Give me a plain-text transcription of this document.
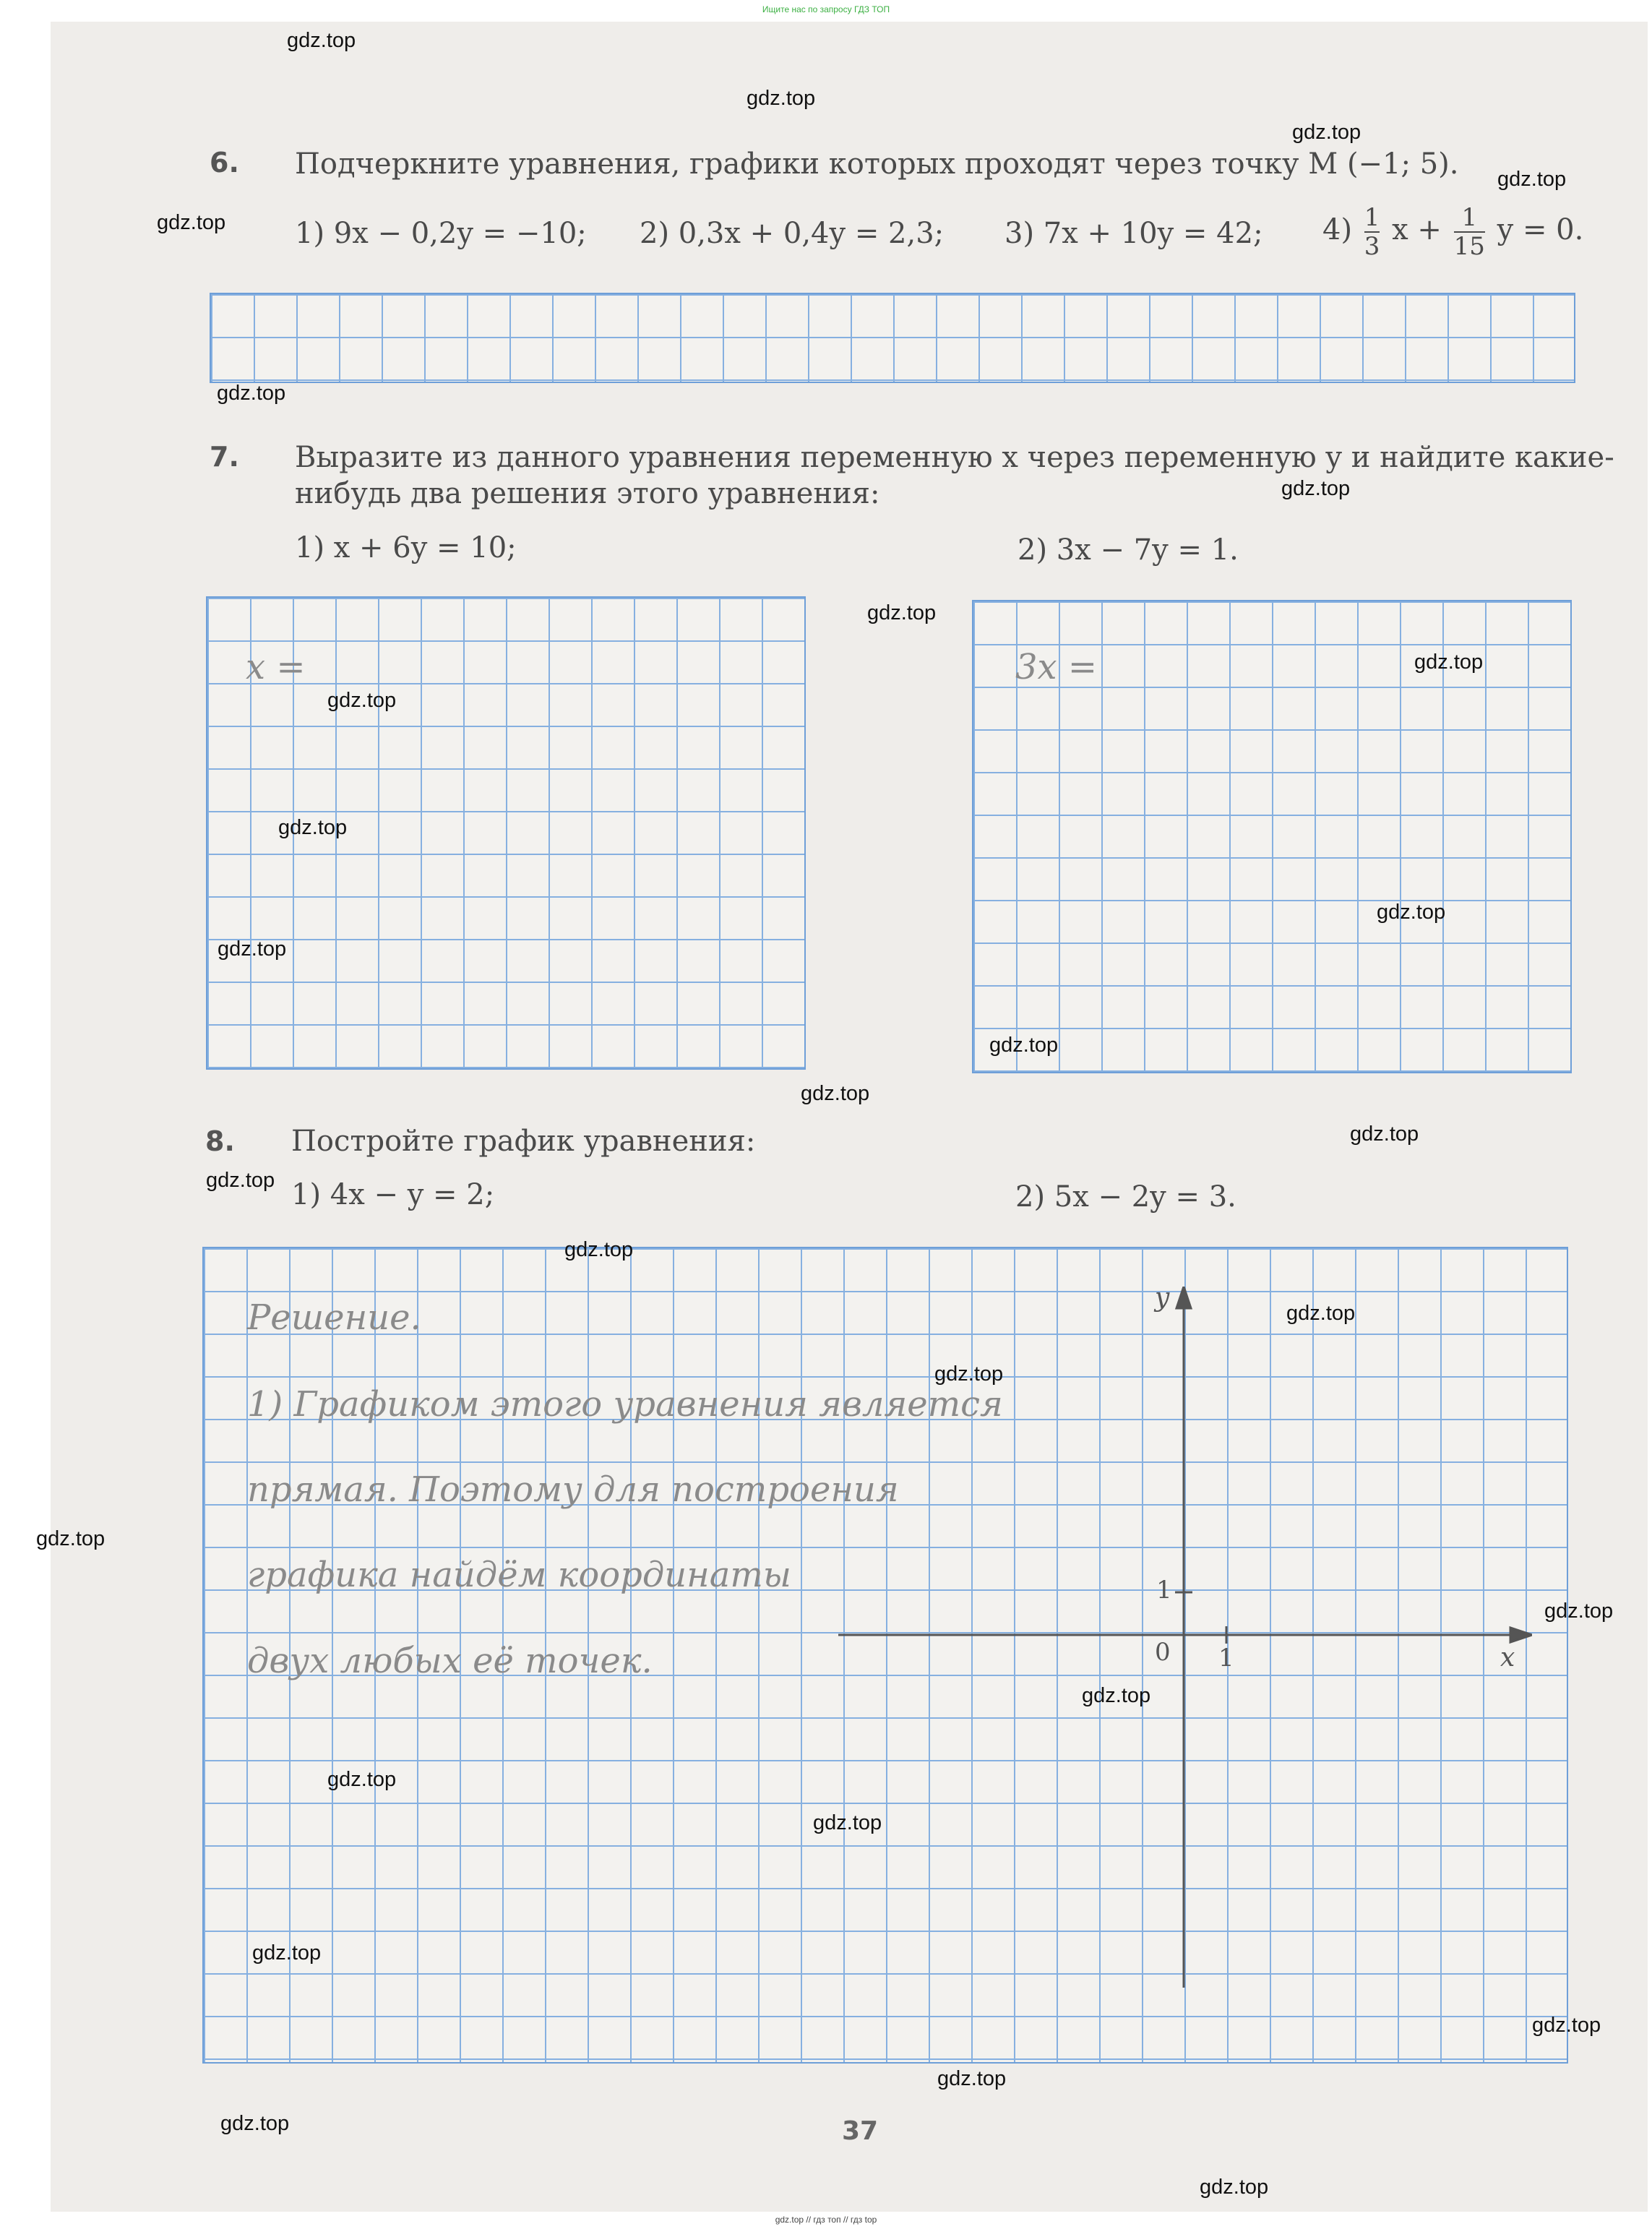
Ищите нас по запросу ГДЗ ТОП
6. Подчеркните уравнения, графики которых проходят через точку M (−1; 5).
1) 9x − 0,2y = −10; 2) 0,3x + 0,4y = 2,3; 3) 7x + 10y = 42; $4) \frac{1}{3}$ $x + \frac{1}{15}$ y = 0.
7. Выразите из данного уравнения переменную x через переменную y и найдите какие-
нибудь два решения этого уравнения:
1) x + 6y = 10;	2) 3x − 7y = 1.
x =	3x =
8. Постройте график уравнения:
1) 4x − y = 2;	2) 5x − 2y = 3.
Решение.
1) Графиком этого уравнения является
прямая. Поэтому для построения
графика найдём координаты
двух любых её точек.
y
x
0 1
1
37
gdz.top
gdz.top
gdz.top
gdz.top
gdz.top
gdz.top
gdz.top
gdz.top
gdz.top
gdz.top
gdz.top
gdz.top
gdz.top
gdz.top
gdz.top
gdz.top
gdz.top
gdz.top
gdz.top
gdz.top
gdz.top
gdz.top
gdz.top
gdz.top
gdz.top
gdz.top
gdz.top
gdz.top
gdz.top
gdz.top
gdz.top // гдз топ // гдз top
